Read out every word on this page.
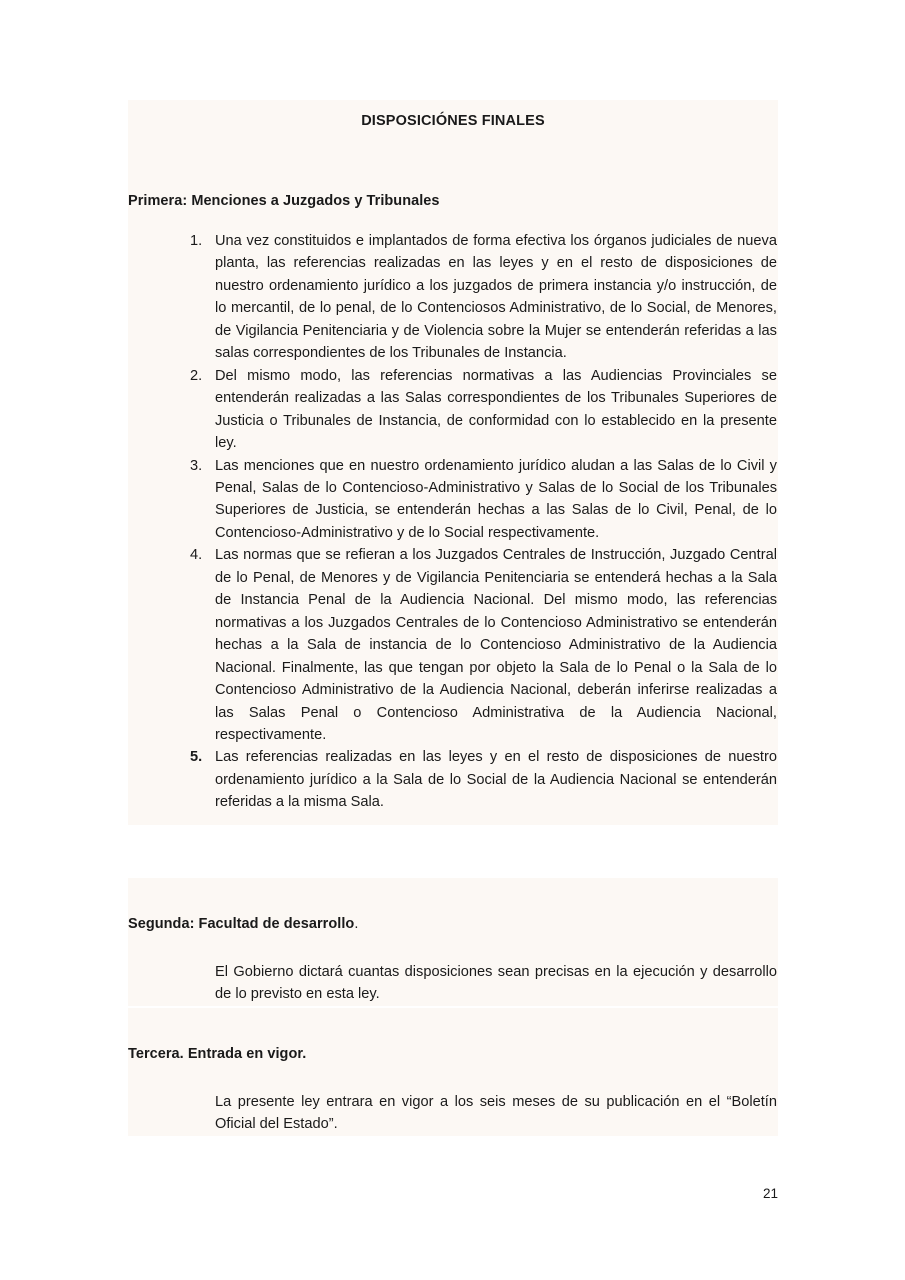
DISPOSICIÓNES FINALES
Primera: Menciones a Juzgados y Tribunales
1. Una vez constituidos e implantados de forma efectiva los órganos judiciales de nueva planta, las referencias realizadas en las leyes y en el resto de disposiciones de nuestro ordenamiento jurídico a los juzgados de primera instancia y/o instrucción, de lo mercantil, de lo penal, de lo Contenciosos Administrativo, de lo Social, de Menores, de Vigilancia Penitenciaria y de Violencia sobre la Mujer se entenderán referidas a las salas correspondientes de los Tribunales de Instancia.
2. Del mismo modo, las referencias normativas a las Audiencias Provinciales se entenderán realizadas a las Salas correspondientes de los Tribunales Superiores de Justicia o Tribunales de Instancia, de conformidad con lo establecido en la presente ley.
3. Las menciones que en nuestro ordenamiento jurídico aludan a las Salas de lo Civil y Penal, Salas de lo Contencioso-Administrativo y Salas de lo Social de los Tribunales Superiores de Justicia, se entenderán hechas a las Salas de lo Civil, Penal, de lo Contencioso-Administrativo y de lo Social respectivamente.
4. Las normas que se refieran a los Juzgados Centrales de Instrucción, Juzgado Central de lo Penal, de Menores y de Vigilancia Penitenciaria se entenderá hechas a la Sala de Instancia Penal de la Audiencia Nacional. Del mismo modo, las referencias normativas a los Juzgados Centrales de lo Contencioso Administrativo se entenderán hechas a la Sala de instancia de lo Contencioso Administrativo de la Audiencia Nacional. Finalmente, las que tengan por objeto la Sala de lo Penal o la Sala de lo Contencioso Administrativo de la Audiencia Nacional, deberán inferirse realizadas a las Salas Penal o Contencioso Administrativa de la Audiencia Nacional, respectivamente.
5. Las referencias realizadas en las leyes y en el resto de disposiciones de nuestro ordenamiento jurídico a la Sala de lo Social de la Audiencia Nacional se entenderán referidas a la misma Sala.
Segunda: Facultad de desarrollo.
El Gobierno dictará cuantas disposiciones sean precisas en la ejecución y desarrollo de lo previsto en esta ley.
Tercera. Entrada en vigor.
La presente ley entrara en vigor a los seis meses de su publicación en el “Boletín Oficial del Estado”.
21
